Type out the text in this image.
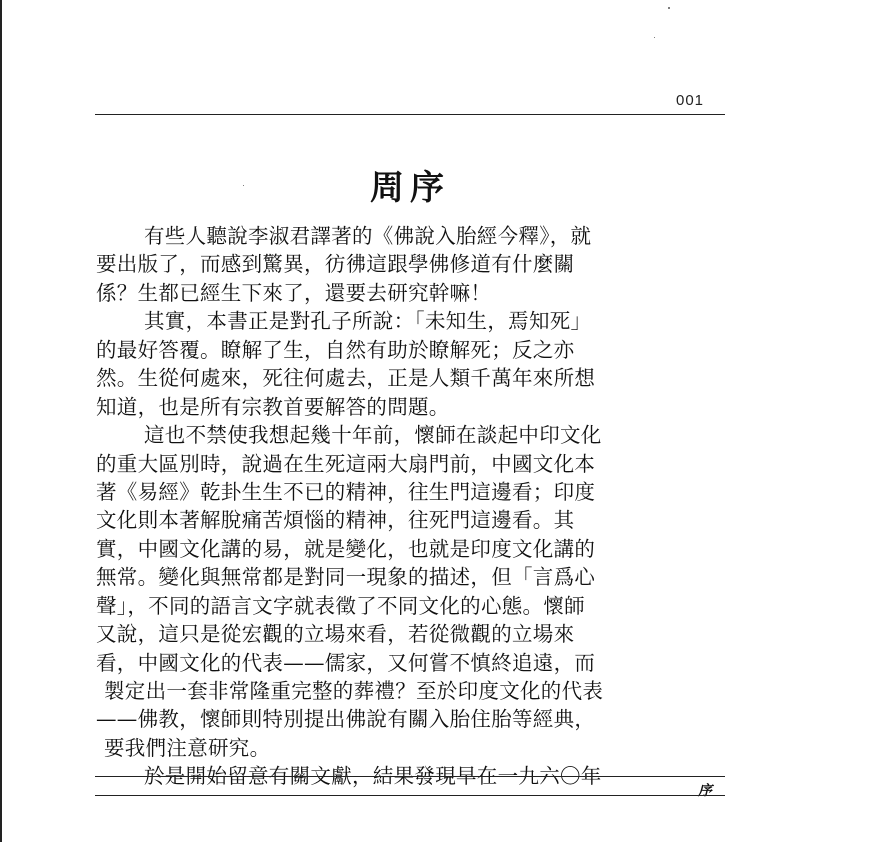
001
周序
有些人聽說李淑君譯著的《佛說入胎經今釋》，就
要出版了，而感到驚異，彷彿這跟學佛修道有什麼關
係？生都已經生下來了，還要去研究幹嘛！
其實，本書正是對孔子所說：「未知生，焉知死」
的最好答覆。瞭解了生，自然有助於瞭解死；反之亦
然。生從何處來，死往何處去，正是人類千萬年來所想
知道，也是所有宗教首要解答的問題。
這也不禁使我想起幾十年前，懷師在談起中印文化
的重大區別時，說過在生死這兩大扇門前，中國文化本
著《易經》乾卦生生不已的精神，往生門這邊看；印度
文化則本著解脫痛苦煩惱的精神，往死門這邊看。其
實，中國文化講的易，就是變化，也就是印度文化講的
無常。變化與無常都是對同一現象的描述，但「言爲心
聲」，不同的語言文字就表徵了不同文化的心態。懷師
又說，這只是從宏觀的立場來看，若從微觀的立場來
看，中國文化的代表——儒家，又何嘗不慎終追遠，而
製定出一套非常隆重完整的葬禮？至於印度文化的代表
——佛教，懷師則特別提出佛說有關入胎住胎等經典，
要我們注意研究。
於是開始留意有關文獻，結果發現早在一九六〇年
序
